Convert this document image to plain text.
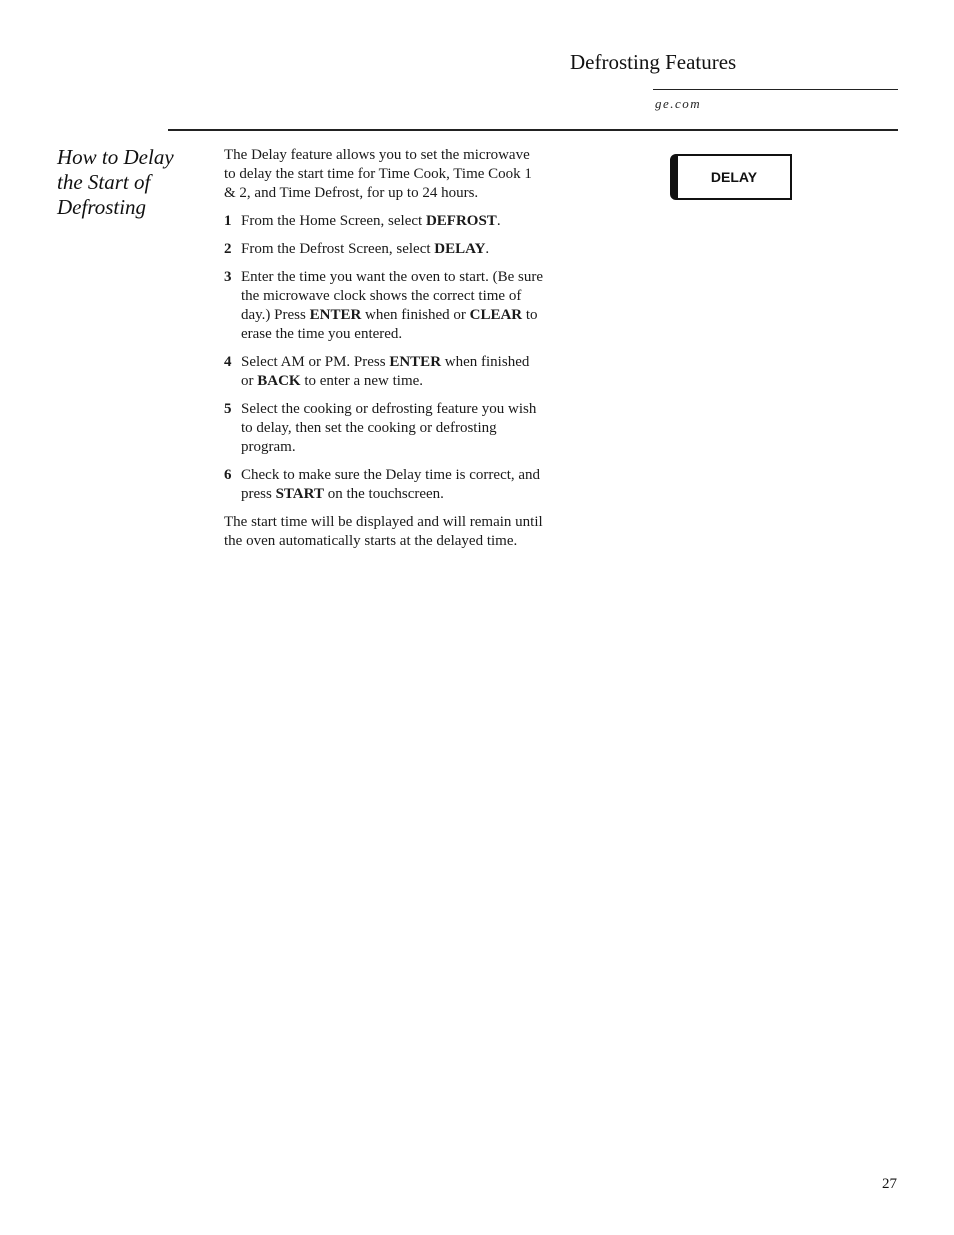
Defrosting Features
ge.com
How to Delay
the Start of
Defrosting

The Delay feature allows you to set the microwave to delay the start time for Time Cook, Time Cook 1 & 2, and Time Defrost, for up to 24 hours.

1 From the Home Screen, select DEFROST.
2 From the Defrost Screen, select DELAY.
3 Enter the time you want the oven to start. (Be sure the microwave clock shows the correct time of day.) Press ENTER when finished or CLEAR to erase the time you entered.
4 Select AM or PM. Press ENTER when finished or BACK to enter a new time.
5 Select the cooking or defrosting feature you wish to delay, then set the cooking or defrosting program.
6 Check to make sure the Delay time is correct, and press START on the touchscreen.

The start time will be displayed and will remain until the oven automatically starts at the delayed time.

DELAY
27
